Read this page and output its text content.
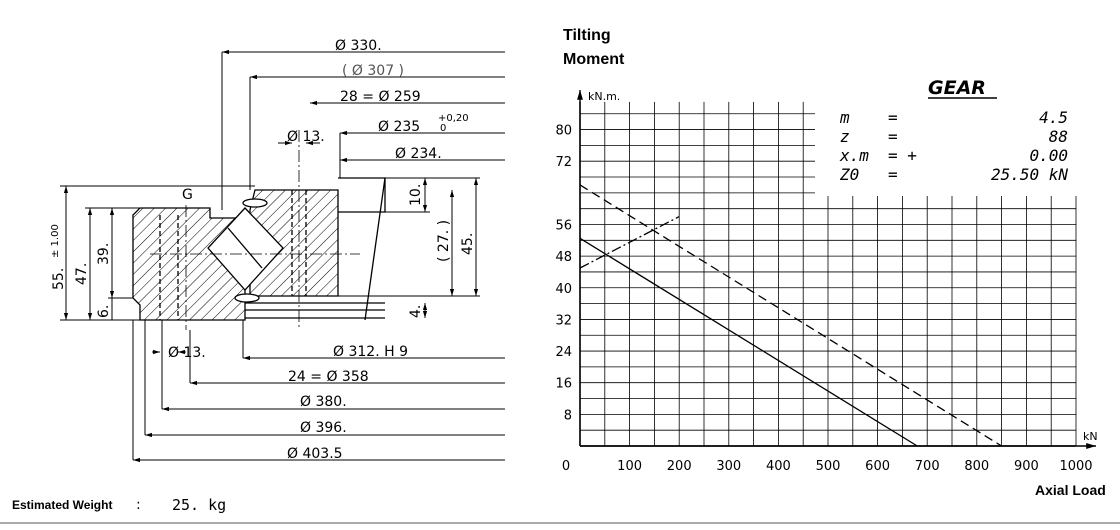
G
Ø 330.
( Ø 307 )
28 = Ø 259
Ø 235
+0,20
0
Ø 234.
Ø 13.
Ø 13.	Ø 312. H 9
24 = Ø 358
Ø 380.
Ø 396.
Ø 403.5
55.
± 1.00
47.
39.
6.
10.
( 27. ) 45.
4.
Estimated Weight : 25. kg
Tilting
Moment
kN.m.
kN
Axial Load
0	100 200 300 400 500 600 700 800 900 1000
8
16
24
32
40
48
56
72
80
GEAR
m =	4.5
z =	88
x.m = +	0.00
Z0 =	25.50 kN
